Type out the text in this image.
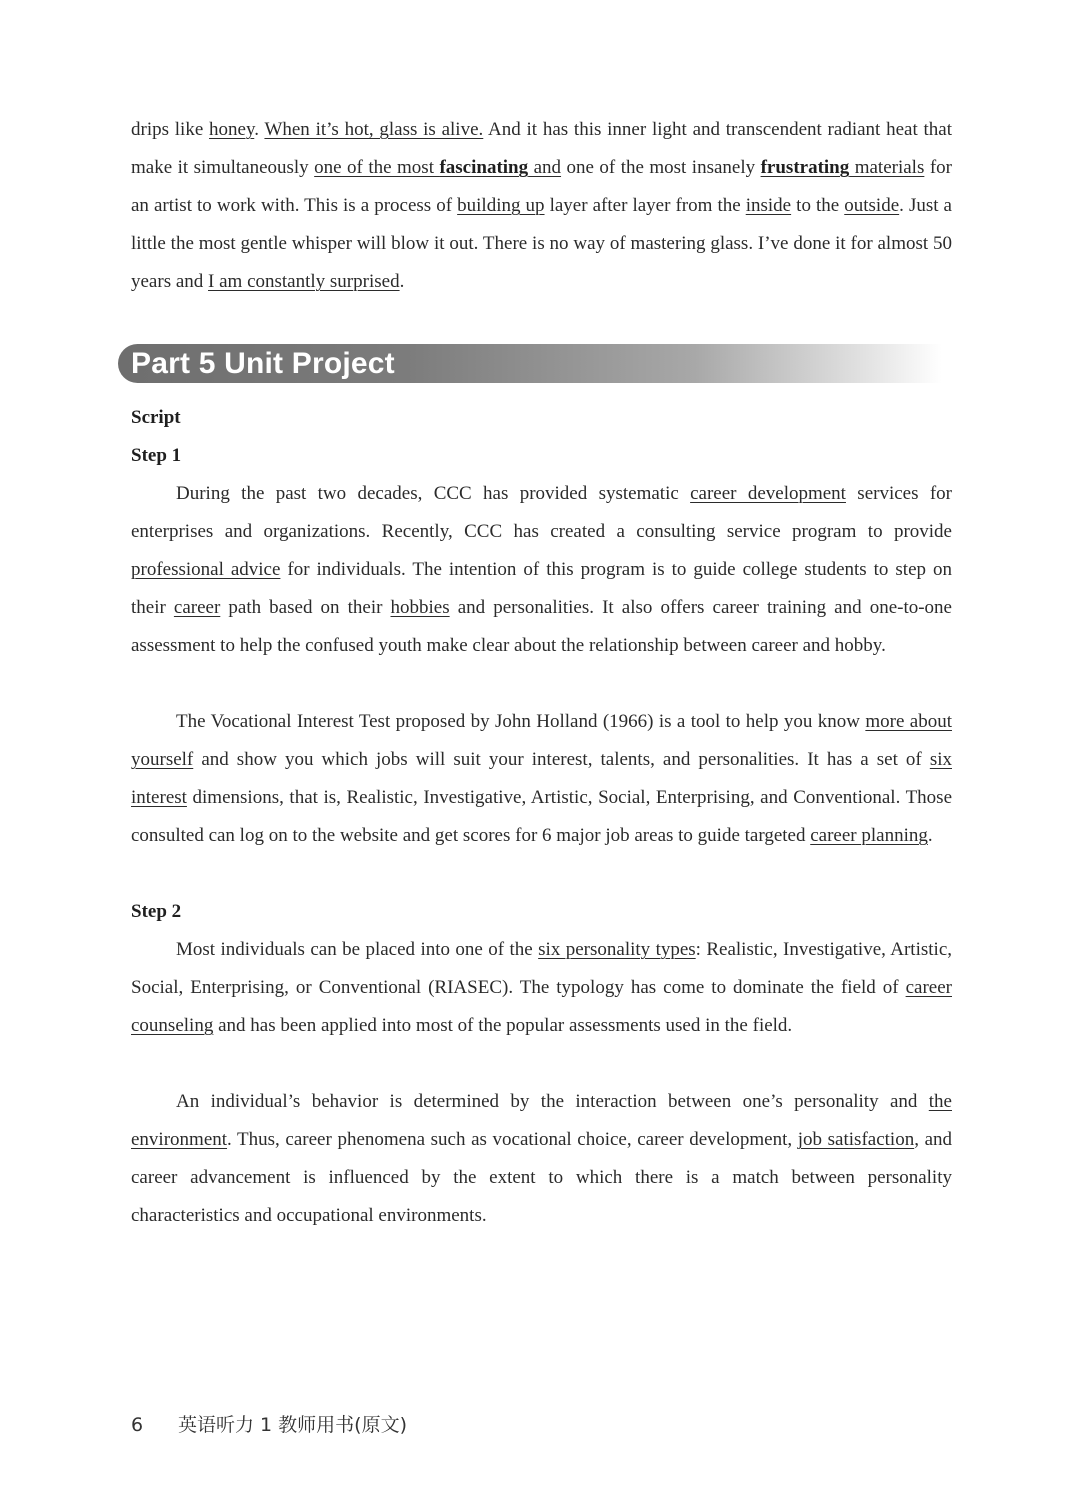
drips like honey. When it’s hot, glass is alive. And it has this inner light and transcendent radiant heat that make it simultaneously one of the most fascinating and one of the most insanely frustrating materials for an artist to work with. This is a process of building up layer after layer from the inside to the outside. Just a little the most gentle whisper will blow it out. There is no way of mastering glass. I’ve done it for almost 50 years and I am constantly surprised.

Part 5 Unit Project

Script

Step 1

During the past two decades, CCC has provided systematic career development services for enterprises and organizations. Recently, CCC has created a consulting service program to provide professional advice for individuals. The intention of this program is to guide college students to step on their career path based on their hobbies and personalities. It also offers career training and one-to-one assessment to help the confused youth make clear about the relationship between career and hobby.

The Vocational Interest Test proposed by John Holland (1966) is a tool to help you know more about yourself and show you which jobs will suit your interest, talents, and personalities. It has a set of six interest dimensions, that is, Realistic, Investigative, Artistic, Social, Enterprising, and Conventional. Those consulted can log on to the website and get scores for 6 major job areas to guide targeted career planning.

Step 2

Most individuals can be placed into one of the six personality types: Realistic, Investigative, Artistic, Social, Enterprising, or Conventional (RIASEC). The typology has come to dominate the field of career counseling and has been applied into most of the popular assessments used in the field.

An individual’s behavior is determined by the interaction between one’s personality and the environment. Thus, career phenomena such as vocational choice, career development, job satisfaction, and career advancement is influenced by the extent to which there is a match between personality characteristics and occupational environments.

6 英语听力 1 教师用书(原文)
